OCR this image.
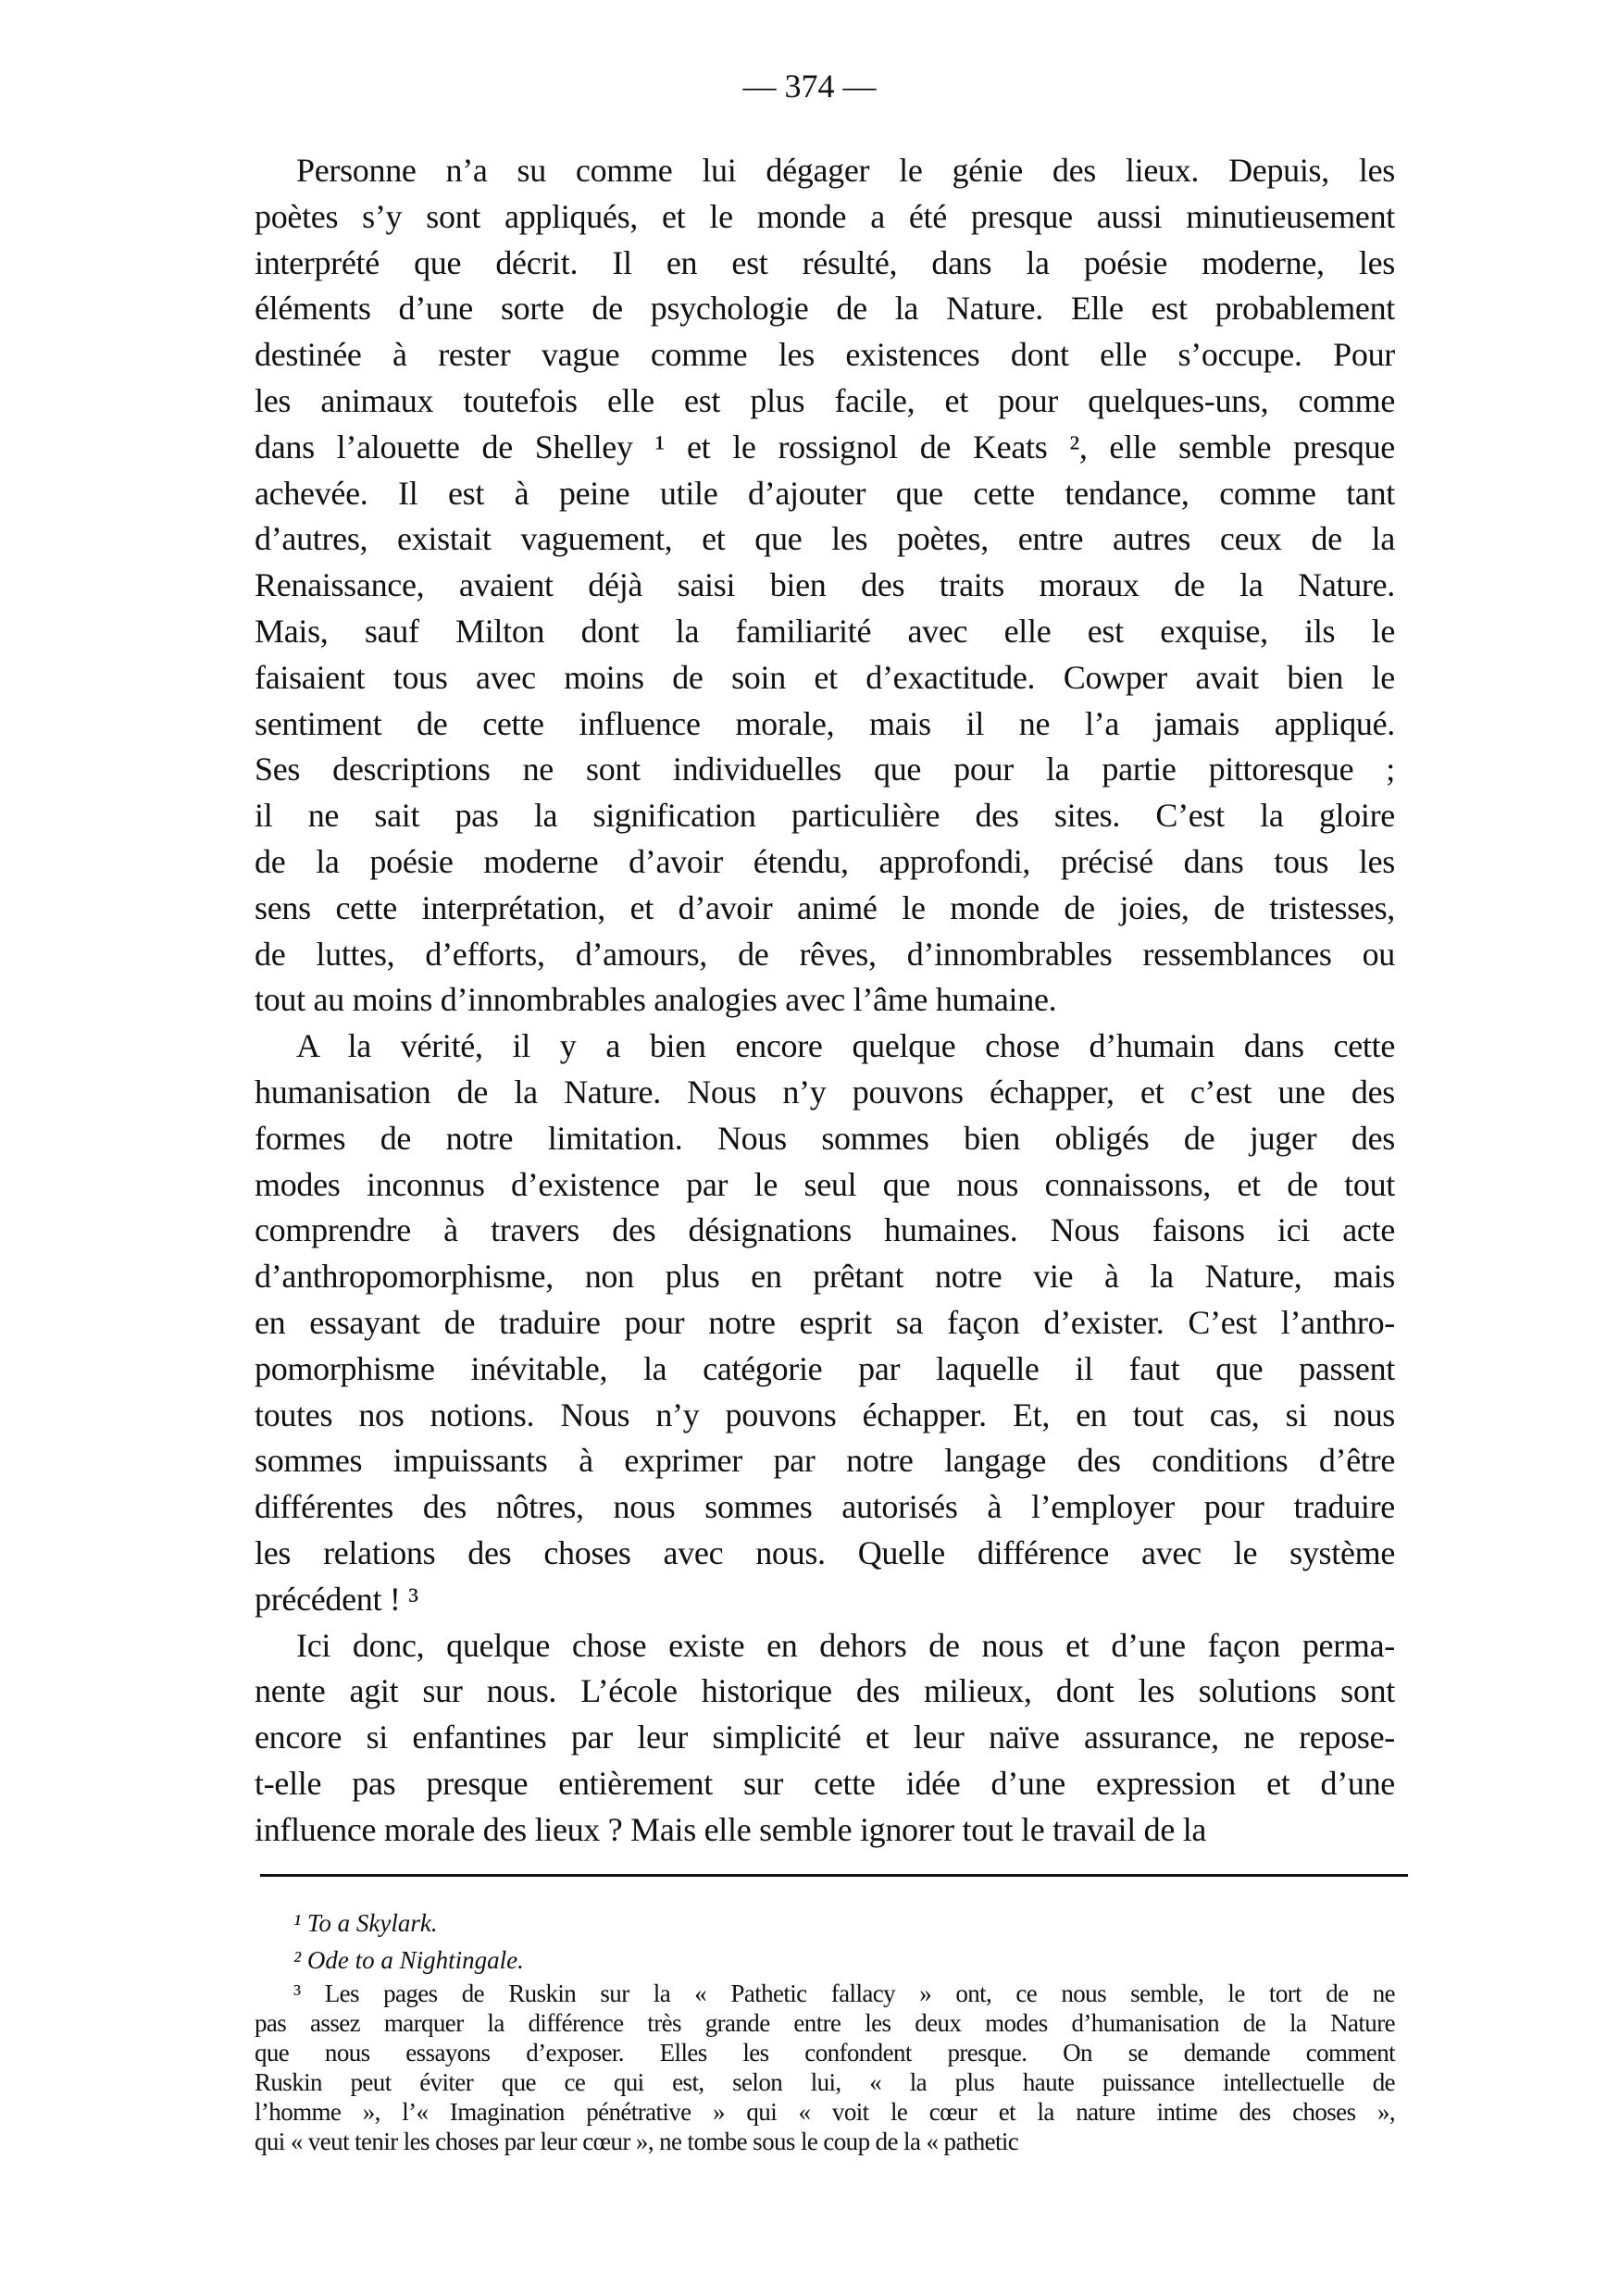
— 374 —
Personne n’a su comme lui dégager le génie des lieux. Depuis, les
poètes s’y sont appliqués, et le monde a été presque aussi minutieusement
interprété que décrit. Il en est résulté, dans la poésie moderne, les
éléments d’une sorte de psychologie de la Nature. Elle est probablement
destinée à rester vague comme les existences dont elle s’occupe. Pour
les animaux toutefois elle est plus facile, et pour quelques-uns, comme
dans l’alouette de Shelley ¹ et le rossignol de Keats ², elle semble presque
achevée. Il est à peine utile d’ajouter que cette tendance, comme tant
d’autres, existait vaguement, et que les poètes, entre autres ceux de la
Renaissance, avaient déjà saisi bien des traits moraux de la Nature.
Mais, sauf Milton dont la familiarité avec elle est exquise, ils le
faisaient tous avec moins de soin et d’exactitude. Cowper avait bien le
sentiment de cette influence morale, mais il ne l’a jamais appliqué.
Ses descriptions ne sont individuelles que pour la partie pittoresque ;
il ne sait pas la signification particulière des sites. C’est la gloire
de la poésie moderne d’avoir étendu, approfondi, précisé dans tous les
sens cette interprétation, et d’avoir animé le monde de joies, de tristesses,
de luttes, d’efforts, d’amours, de rêves, d’innombrables ressemblances ou
tout au moins d’innombrables analogies avec l’âme humaine.
A la vérité, il y a bien encore quelque chose d’humain dans cette
humanisation de la Nature. Nous n’y pouvons échapper, et c’est une des
formes de notre limitation. Nous sommes bien obligés de juger des
modes inconnus d’existence par le seul que nous connaissons, et de tout
comprendre à travers des désignations humaines. Nous faisons ici acte
d’anthropomorphisme, non plus en prêtant notre vie à la Nature, mais
en essayant de traduire pour notre esprit sa façon d’exister. C’est l’anthro-
pomorphisme inévitable, la catégorie par laquelle il faut que passent
toutes nos notions. Nous n’y pouvons échapper. Et, en tout cas, si nous
sommes impuissants à exprimer par notre langage des conditions d’être
différentes des nôtres, nous sommes autorisés à l’employer pour traduire
les relations des choses avec nous. Quelle différence avec le système
précédent ! ³
Ici donc, quelque chose existe en dehors de nous et d’une façon perma-
nente agit sur nous. L’école historique des milieux, dont les solutions sont
encore si enfantines par leur simplicité et leur naïve assurance, ne repose-
t-elle pas presque entièrement sur cette idée d’une expression et d’une
influence morale des lieux ? Mais elle semble ignorer tout le travail de la
¹ To a Skylark.
² Ode to a Nightingale.
³ Les pages de Ruskin sur la « Pathetic fallacy » ont, ce nous semble, le tort de ne
pas assez marquer la différence très grande entre les deux modes d’humanisation de la Nature
que nous essayons d’exposer. Elles les confondent presque. On se demande comment
Ruskin peut éviter que ce qui est, selon lui, « la plus haute puissance intellectuelle de
l’homme », l’« Imagination pénétrative » qui « voit le cœur et la nature intime des choses »,
qui « veut tenir les choses par leur cœur », ne tombe sous le coup de la « pathetic
